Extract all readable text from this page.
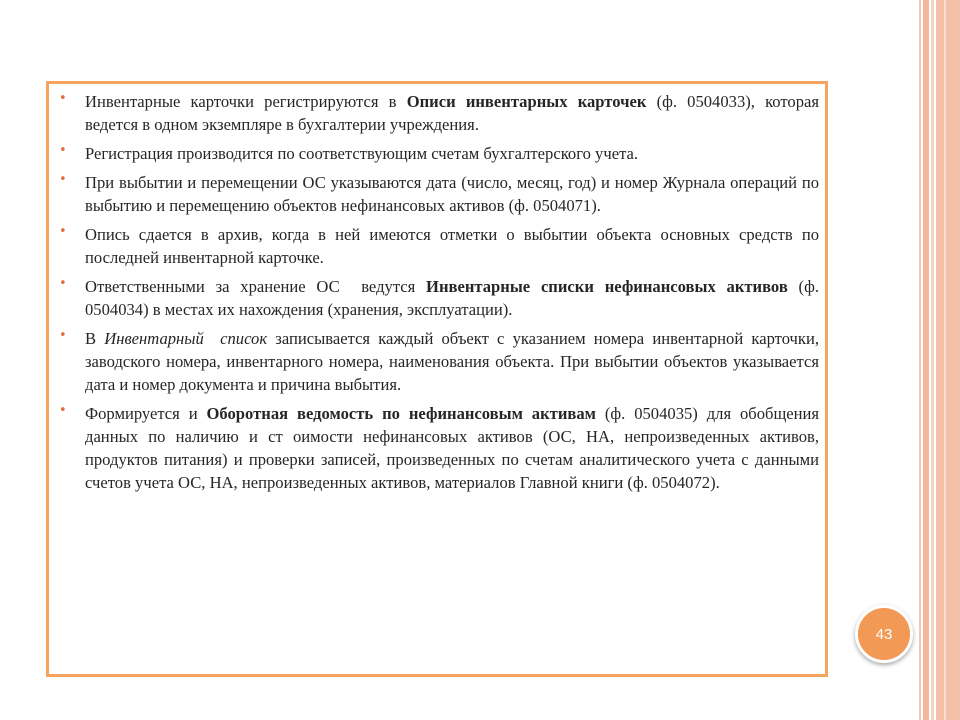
• Инвентарные карточки регистрируются в Описи инвентарных карточек (ф. 0504033), которая ведется в одном экземпляре в бухгалтерии учреждения.
• Регистрация производится по соответствующим счетам бухгалтерского учета.
• При выбытии и перемещении ОС указываются дата (число, месяц, год) и номер Журнала операций по выбытию и перемещению объектов нефинансовых активов (ф. 0504071).
• Опись сдается в архив, когда в ней имеются отметки о выбытии объекта основных средств по последней инвентарной карточке.
• Ответственными за хранение ОС  ведутся Инвентарные списки нефинансовых активов (ф. 0504034) в местах их нахождения (хранения, эксплуатации).
• В Инвентарный  список записывается каждый объект с указанием номера инвентарной карточки, заводского номера, инвентарного номера, наименования объекта. При выбытии объектов указывается дата и номер документа и причина выбытия.
• Формируется и Оборотная ведомость по нефинансовым активам (ф. 0504035) для обобщения данных по наличию и ст оимости нефинансовых активов (ОС, НА, непроизведенных активов, продуктов питания) и проверки записей, произведенных по счетам аналитического учета с данными счетов учета ОС, НА, непроизведенных активов, материалов Главной книги (ф. 0504072).
43
